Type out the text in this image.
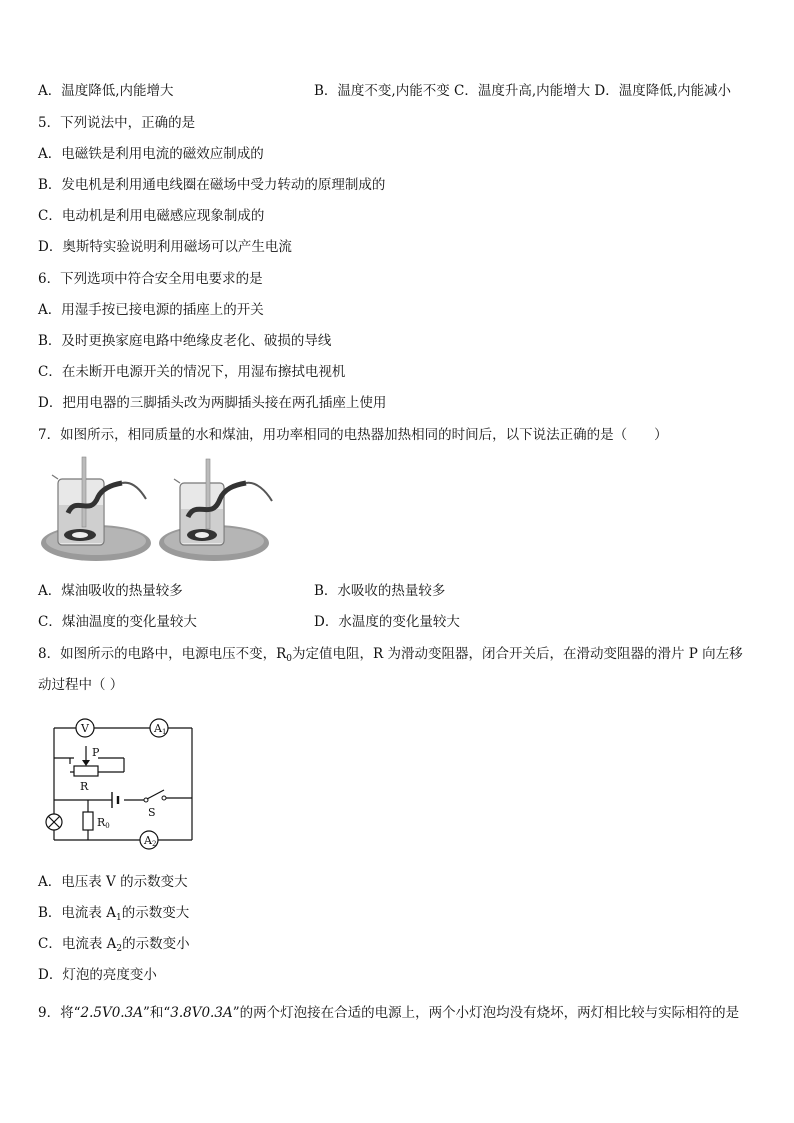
A．温度降低,内能增大	B．温度不变,内能不变 C．温度升高,内能增大 D．温度降低,内能减小
5．下列说法中，正确的是
A．电磁铁是利用电流的磁效应制成的
B．发电机是利用通电线圈在磁场中受力转动的原理制成的
C．电动机是利用电磁感应现象制成的
D．奥斯特实验说明利用磁场可以产生电流
6．下列选项中符合安全用电要求的是
A．用湿手按已接电源的插座上的开关
B．及时更换家庭电路中绝缘皮老化、破损的导线
C．在未断开电源开关的情况下，用湿布擦拭电视机
D．把用电器的三脚插头改为两脚插头接在两孔插座上使用
7．如图所示，相同质量的水和煤油，用功率相同的电热器加热相同的时间后，以下说法正确的是（　　）
A．煤油吸收的热量较多	B．水吸收的热量较多
C．煤油温度的变化量较大	D．水温度的变化量较大
8．如图所示的电路中，电源电压不变，$R_0$为定值电阻，R 为滑动变阻器，闭合开关后，在滑动变阻器的滑片 P 向左移
动过程中（ ）
V	A1
P
R
S
R0
A2
A．电压表 V 的示数变大
B．电流表 $A_1$的示数变大
C．电流表 $A_2$的示数变小
D．灯泡的亮度变小
9．将“2.5V0.3A”和“3.8V0.3A”的两个灯泡接在合适的电源上，两个小灯泡均没有烧坏，两灯相比较与实际相符的是
